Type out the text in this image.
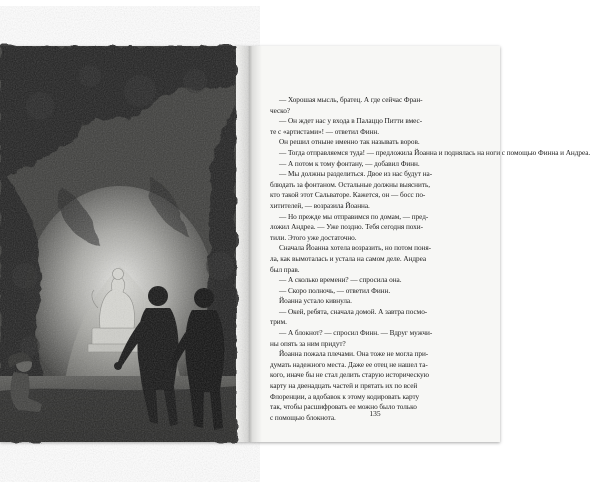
— Хорошая мысль, братец. А где сейчас Фран-

ческо?

— Он ждет нас у входа в Палаццо Питти вмес-

те с «артистами»! — ответил Финн.

Он решил отныне именно так называть воров.

— Тогда отправляемся туда! — предложила Йоанна и поднялась на ноги с помощью Финна и Андреа.

— А потом к тому фонтану, — добавил Финн.

— Мы должны разделиться. Двое из нас будут на-

блюдать за фонтаном. Остальные должны выяснить,

кто такой этот Сальваторе. Кажется, он — босс по-

хитителей, — возразила Йоанна.

— Но прежде мы отправимся по домам, — пред-

ложил Андреа. — Уже поздно. Тебя сегодня похи-

тили. Этого уже достаточно.

Сначала Йоанна хотела возразить, но потом поня-

ла, как вымоталась и устала на самом деле. Андреа

был прав.

— А сколько времени? — спросила она.

— Скоро полночь, — ответил Финн.

Йоанна устало кивнула.

— Окей, ребята, сначала домой. А завтра посмо-

трим.

— А блокнот? — спросил Финн. — Вдруг мужчи-

ны опять за ним придут?

Йоанна пожала плечами. Она тоже не могла при-

думать надежного места. Даже ее отец не нашел та-

кого, иначе бы не стал делить старую историческую

карту на двенадцать частей и прятать их по всей

Флоренции, а вдобавок к этому кодировать карту

так, чтобы расшифровать ее можно было только

с помощью блокнота.	135
